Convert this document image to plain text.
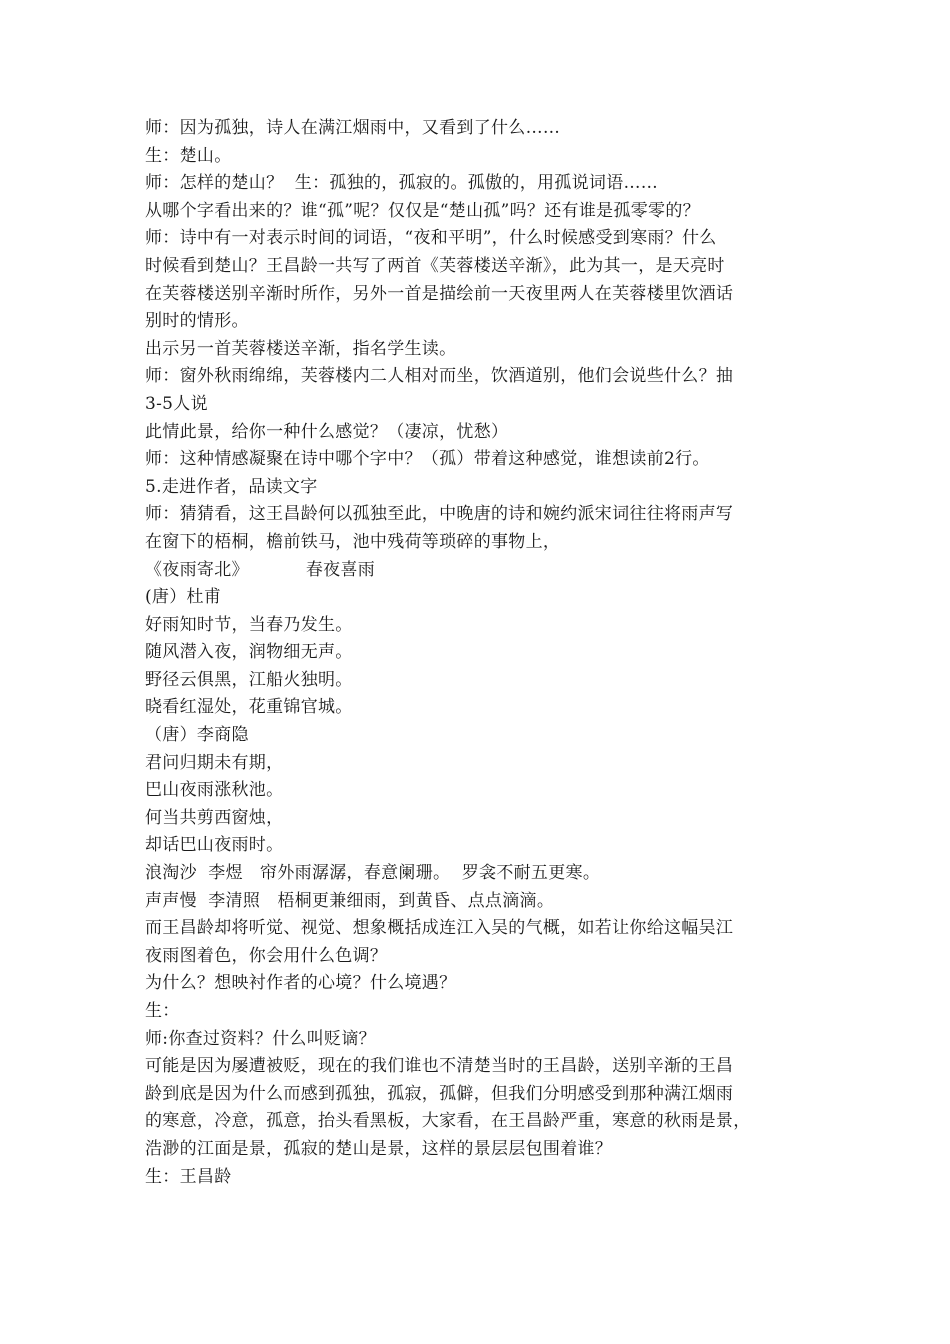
师：因为孤独，诗人在满江烟雨中，又看到了什么……
生：楚山。
师：怎样的楚山？  生：孤独的，孤寂的。孤傲的，用孤说词语……
从哪个字看出来的？谁“孤”呢？仅仅是“楚山孤”吗？还有谁是孤零零的？
师：诗中有一对表示时间的词语，“夜和平明”，什么时候感受到寒雨？什么
时候看到楚山？王昌龄一共写了两首《芙蓉楼送辛渐》，此为其一，是天亮时
在芙蓉楼送别辛渐时所作，另外一首是描绘前一天夜里两人在芙蓉楼里饮酒话
别时的情形。
出示另一首芙蓉楼送辛渐，指名学生读。
师：窗外秋雨绵绵，芙蓉楼内二人相对而坐，饮酒道别，他们会说些什么？抽
3-5人说
此情此景，给你一种什么感觉？（凄凉，忧愁）
师：这种情感凝聚在诗中哪个字中？（孤）带着这种感觉，谁想读前2行。
5.走进作者，品读文字
师：猜猜看，这王昌龄何以孤独至此，中晚唐的诗和婉约派宋词往往将雨声写
在窗下的梧桐，檐前铁马，池中残荷等琐碎的事物上，
《夜雨寄北》          春夜喜雨
(唐）杜甫
好雨知时节，当春乃发生。
随风潜入夜，润物细无声。
野径云俱黑，江船火独明。
晓看红湿处，花重锦官城。
（唐）李商隐
君问归期未有期，
巴山夜雨涨秋池。
何当共剪西窗烛，
却话巴山夜雨时。
浪淘沙  李煜   帘外雨潺潺，春意阑珊。  罗衾不耐五更寒。
声声慢  李清照   梧桐更兼细雨，到黄昏、点点滴滴。
而王昌龄却将听觉、视觉、想象概括成连江入吴的气概，如若让你给这幅吴江
夜雨图着色，你会用什么色调？
为什么？想映衬作者的心境？什么境遇？
生：
师:你查过资料？什么叫贬谪？
可能是因为屡遭被贬，现在的我们谁也不清楚当时的王昌龄，送别辛渐的王昌
龄到底是因为什么而感到孤独，孤寂，孤僻，但我们分明感受到那种满江烟雨
的寒意，冷意，孤意，抬头看黑板，大家看，在王昌龄严重，寒意的秋雨是景，
浩渺的江面是景，孤寂的楚山是景，这样的景层层包围着谁？
生：王昌龄
